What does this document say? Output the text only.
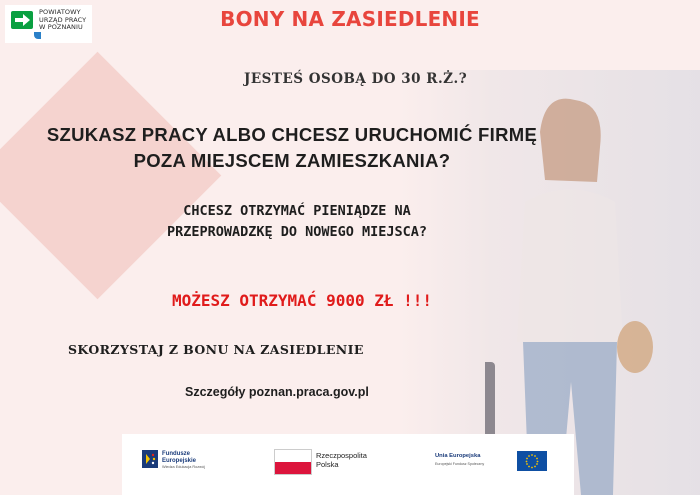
POWIATOWY
URZĄD PRACY
W POZNANIU	BONY NA ZASIEDLENIE
JESTEŚ OSOBĄ DO 30 R.Ż.?
SZUKASZ PRACY ALBO CHCESZ URUCHOMIĆ FIRMĘ
POZA MIEJSCEM ZAMIESZKANIA?
CHCESZ OTRZYMAĆ PIENIĄDZE NA
PRZEPROWADZKĘ DO NOWEGO MIEJSCA?
MOŻESZ OTRZYMAĆ 9000 ZŁ !!!
SKORZYSTAJ Z BONU NA ZASIEDLENIE
Szczegóły poznan.praca.gov.pl
Fundusze
Europejskie
Wiedza Edukacja Rozwój
Rzeczpospolita
Polska
Unia Europejska
Europejski Fundusz Społeczny
